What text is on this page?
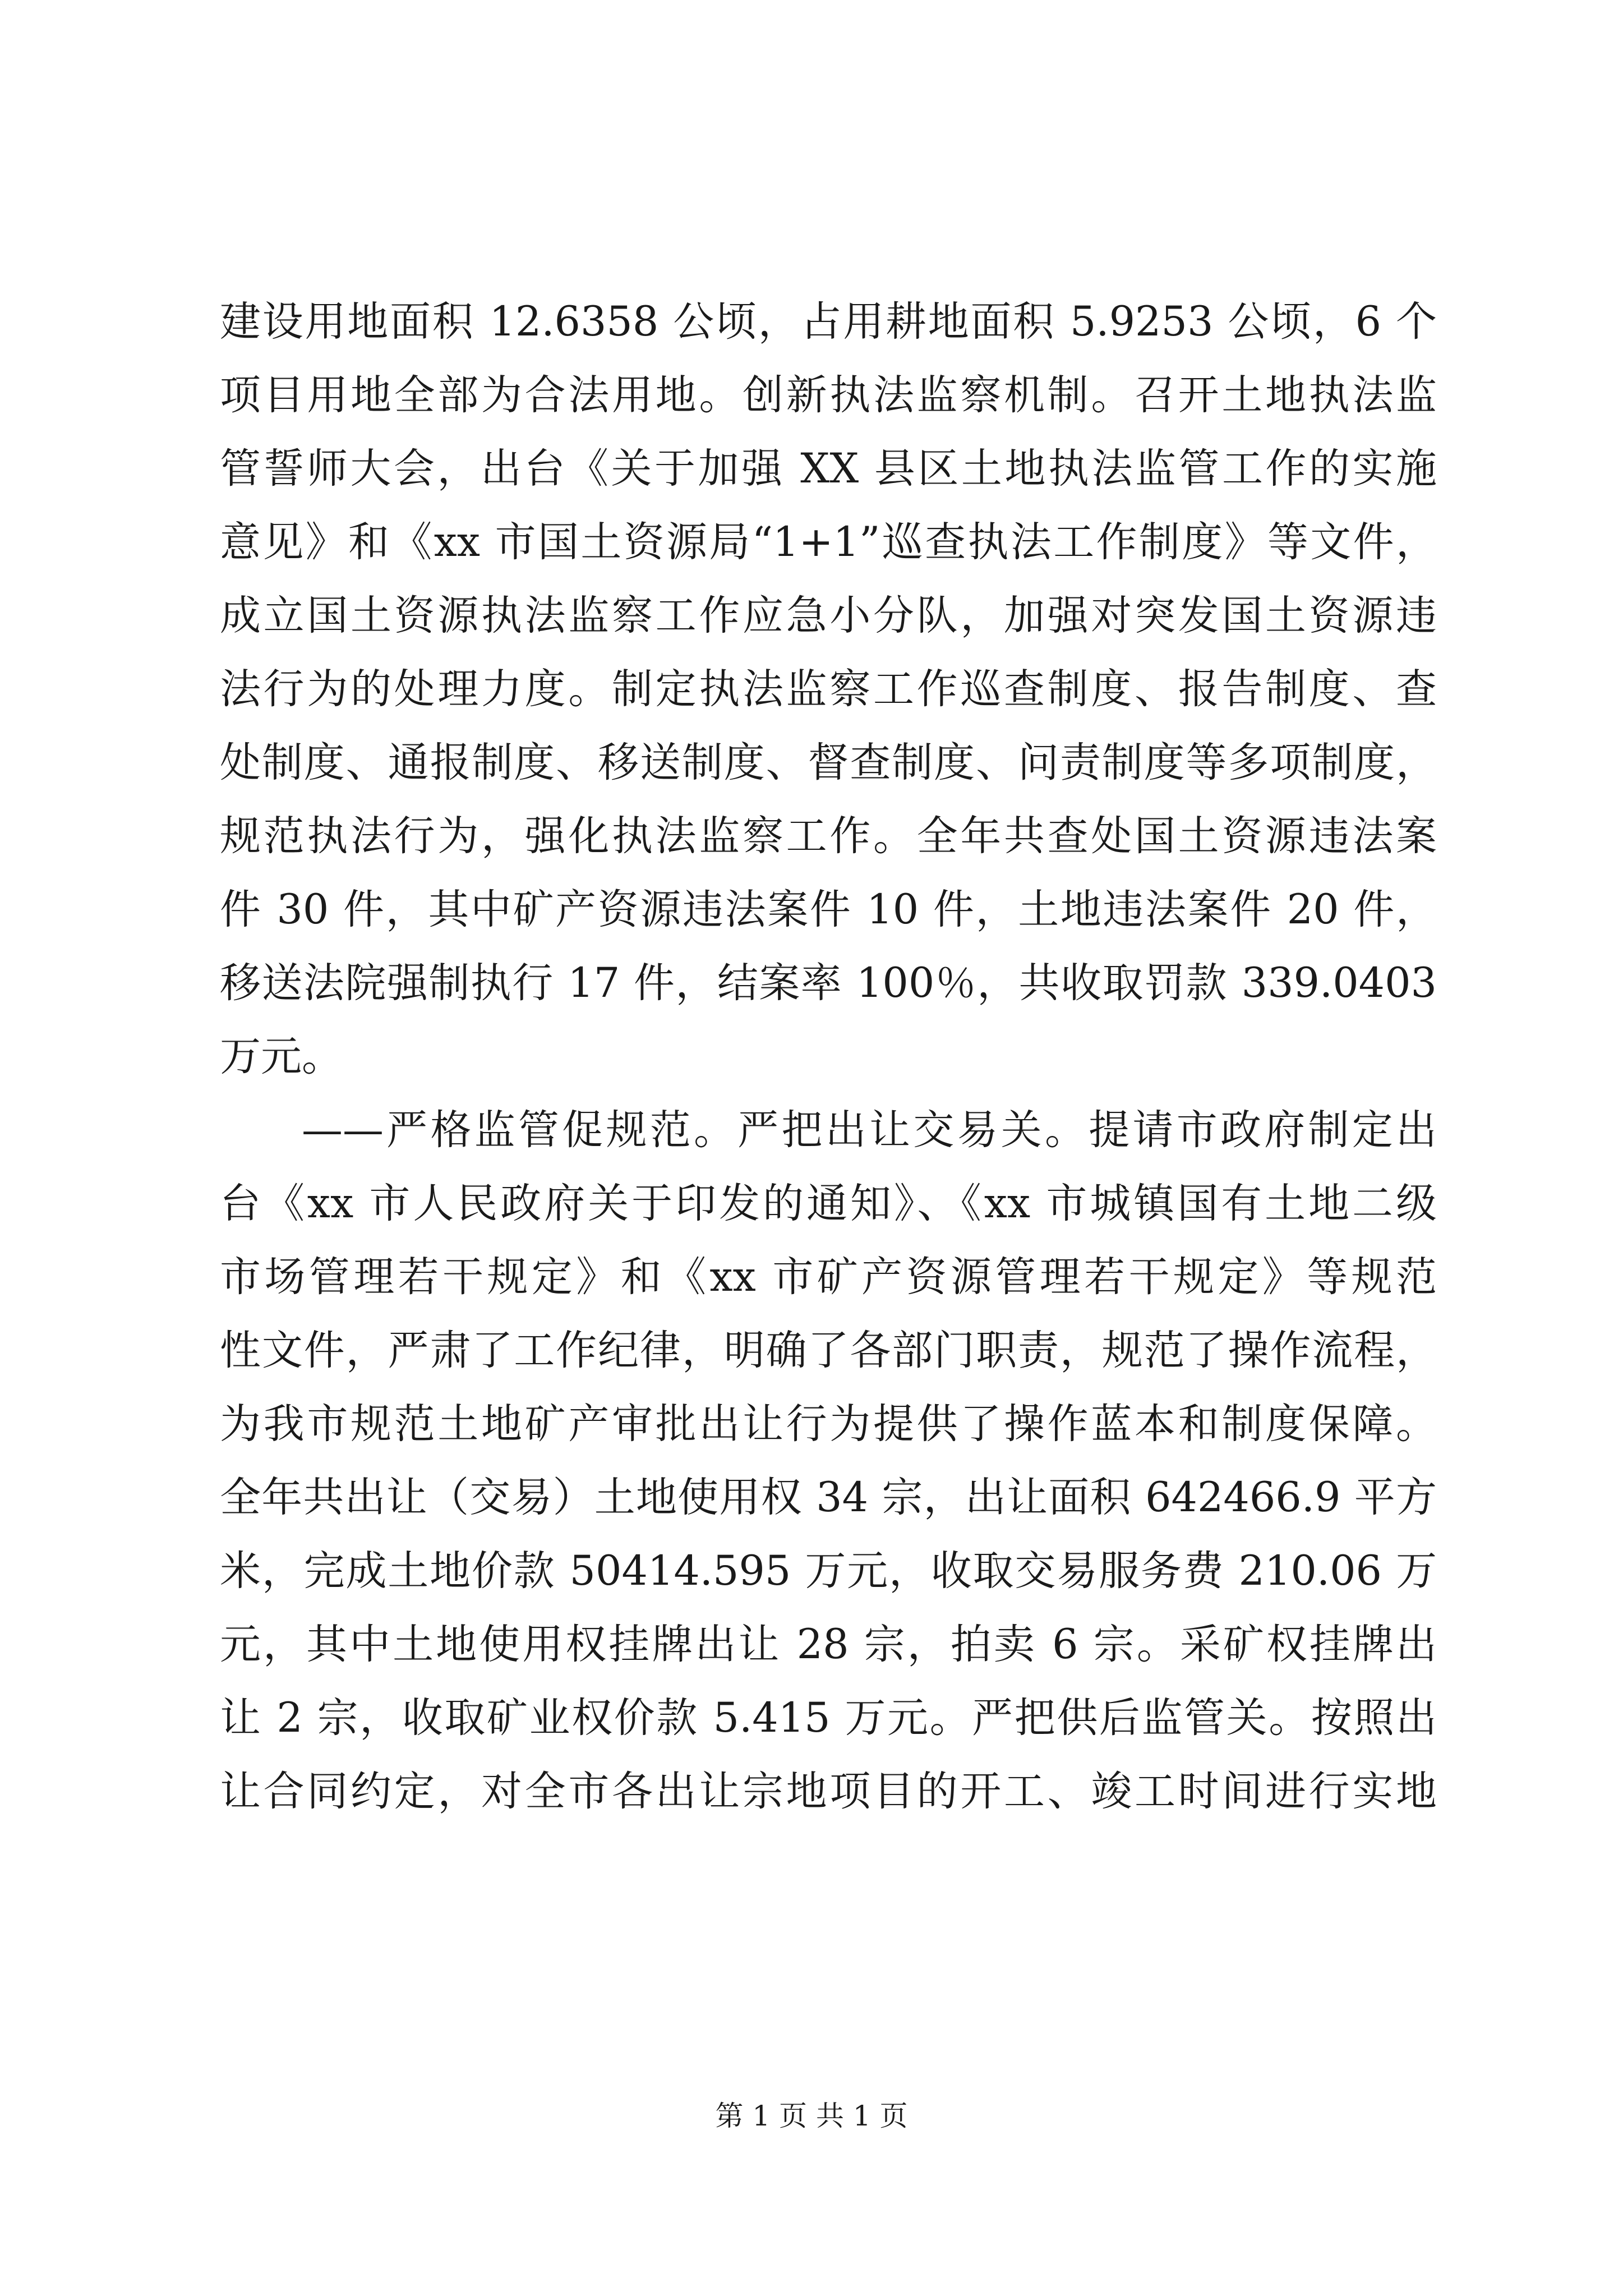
建设用地面积 12.6358 公顷，占用耕地面积 5.9253 公顷，6 个
项目用地全部为合法用地。创新执法监察机制。召开土地执法监
管誓师大会，出台《关于加强 XX 县区土地执法监管工作的实施
意见》和《xx 市国土资源局“1+1”巡查执法工作制度》等文件，
成立国土资源执法监察工作应急小分队，加强对突发国土资源违
法行为的处理力度。制定执法监察工作巡查制度、报告制度、查
处制度、通报制度、移送制度、督查制度、问责制度等多项制度，
规范执法行为，强化执法监察工作。全年共查处国土资源违法案
件 30 件，其中矿产资源违法案件 10 件，土地违法案件 20 件，
移送法院强制执行 17 件，结案率 100％，共收取罚款 339.0403
万元。
——严格监管促规范。严把出让交易关。提请市政府制定出
台《xx 市人民政府关于印发的通知》、《xx 市城镇国有土地二级
市场管理若干规定》和《xx 市矿产资源管理若干规定》等规范
性文件，严肃了工作纪律，明确了各部门职责，规范了操作流程，
为我市规范土地矿产审批出让行为提供了操作蓝本和制度保障。
全年共出让（交易）土地使用权 34 宗，出让面积 642466.9 平方
米，完成土地价款 50414.595 万元，收取交易服务费 210.06 万
元，其中土地使用权挂牌出让 28 宗，拍卖 6 宗。采矿权挂牌出
让 2 宗，收取矿业权价款 5.415 万元。严把供后监管关。按照出
让合同约定，对全市各出让宗地项目的开工、竣工时间进行实地
第 1 页 共 1 页
